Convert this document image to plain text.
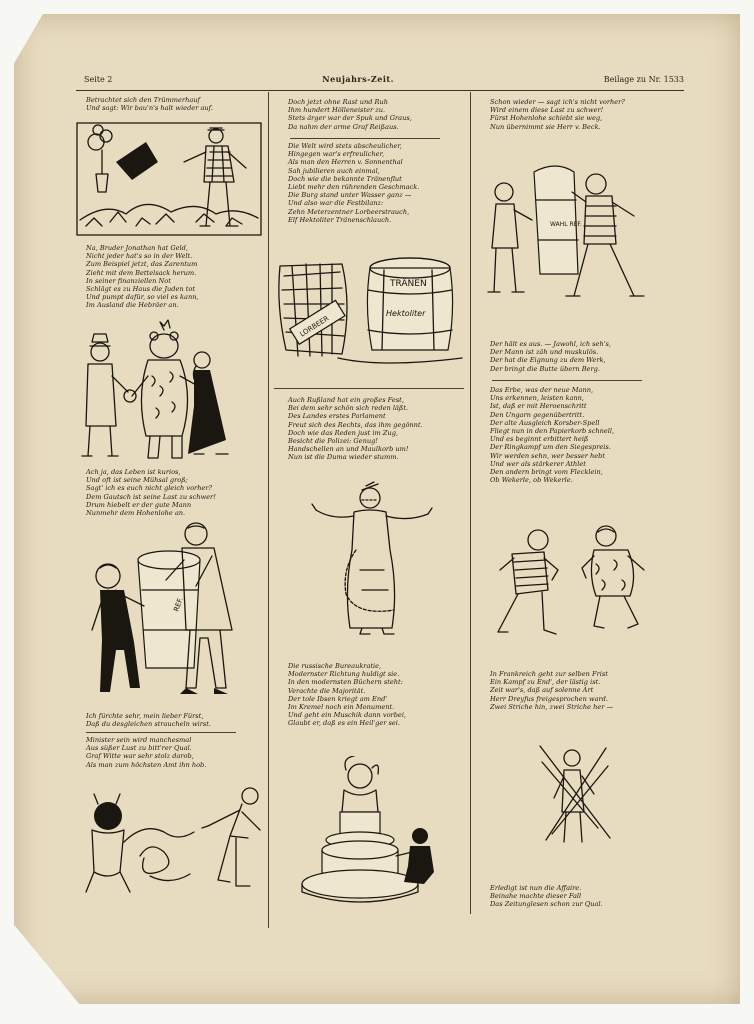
Seite 2	Neujahrs-Zeit.	Beilage zu Nr. 1533
Betrachtet sich den Trümmerhauf
Und sagt: Wir bau'n's halt wieder auf.
Na, Bruder Jonathan hat Geld,
Nicht jeder hat's so in der Welt.
Zum Beispiel jetzt, das Zarentum
Zieht mit dem Bettelsack herum.
In seiner finanziellen Not
Schlägt es zu Haus die Juden tot
Und pumpt dafür, so viel es kann,
Im Ausland die Hebräer an.
Ach ja, das Leben ist kurios,
Und oft ist seine Mühsal groß;
Sagt' ich es euch nicht gleich vorher?
Dem Gautsch ist seine Last zu schwer!
Drum hiebelt er der gute Mann
Nunmehr dem Hohenlohe an.
REF.
Ich fürchte sehr, mein lieber Fürst,
Daß du desgleichen straucheln wirst.
Minister sein wird manchesmal
Aus süßer Lust zu bitt'rer Qual.
Graf Witte war sehr stolz darob,
Als man zum höchsten Amt ihn hob.
Doch jetzt ohne Rast und Ruh
Ihm hundert Hölleneister zu.
Stets ärger war der Spuk und Graus,
Da nahm der arme Graf Reißaus.
Die Welt wird stets abscheulicher,
Hingegen war's erfreulicher,
Als man den Herren v. Sonnenthal
Sah jubilieren auch einmal,
Doch wie die bekannte Tränenflut
Liebt mehr den rührenden Geschmack.
Die Burg stand unter Wasser ganz —
Und also war die Festbilanz:
Zehn Meterzentner Lorbeerstrauch,
Elf Hektoliter Tränenschlauch.
LORBEER
TRÄNEN
Hektoliter
Auch Rußland hat ein großes Fest,
Bei dem sehr schön sich reden läßt.
Des Landes erstes Parlament
Freut sich des Rechts, das ihm gegönnt.
Doch wie das Reden just im Zug,
Besicht die Polizei: Genug!
Handschellen an und Maulkorb um!
Nun ist die Duma wieder stumm.
Die russische Bureaukratie,
Modernster Richtung huldigt sie.
In den modernsten Büchern steht:
Verachte die Majorität.
Der tole Ibsen kriegt am End'
Im Kremel noch ein Monument.
Und geht ein Muschik dann vorbei,
Glaubt er, daß es ein Heil'ger sei.
Schon wieder — sagt ich's nicht vorher?
Wird einem diese Last zu schwer!
Fürst Hohenlohe schiebt sie weg,
Nun übernimmt sie Herr v. Beck.
WAHL REF.
Der hält es aus. — Jawohl, ich seh's,
Der Mann ist zäh und muskulös.
Der hat die Eignung zu dem Werk,
Der bringt die Butte übern Berg.
Das Erbe, was der neue Mann,
Uns erkennen, leisten kann,
Ist, daß er mit Heroenschritt
Den Ungarn gegenübertritt.
Der alte Ausgleich Korsber-Spell
Fliegt nun in den Papierkorb schnell,
Und es beginnt erbittert heiß
Der Ringkampf um den Siegespreis.
Wir werden sehn, wer besser hebt
Und wer als stärkerer Athlet
Den andern bringt vom Flecklein,
Ob Wekerle, ob Wekerle.
In Frankreich geht zur selben Frist
Ein Kampf zu End', der lästig ist.
Zeit war's, daß auf solenne Art
Herr Dreyfus freigesprochen ward.
Zwei Striche hin, zwei Striche her —
Erledigt ist nun die Affaire.
Beinahe machte dieser Fall
Das Zeitunglesen schon zur Qual.
